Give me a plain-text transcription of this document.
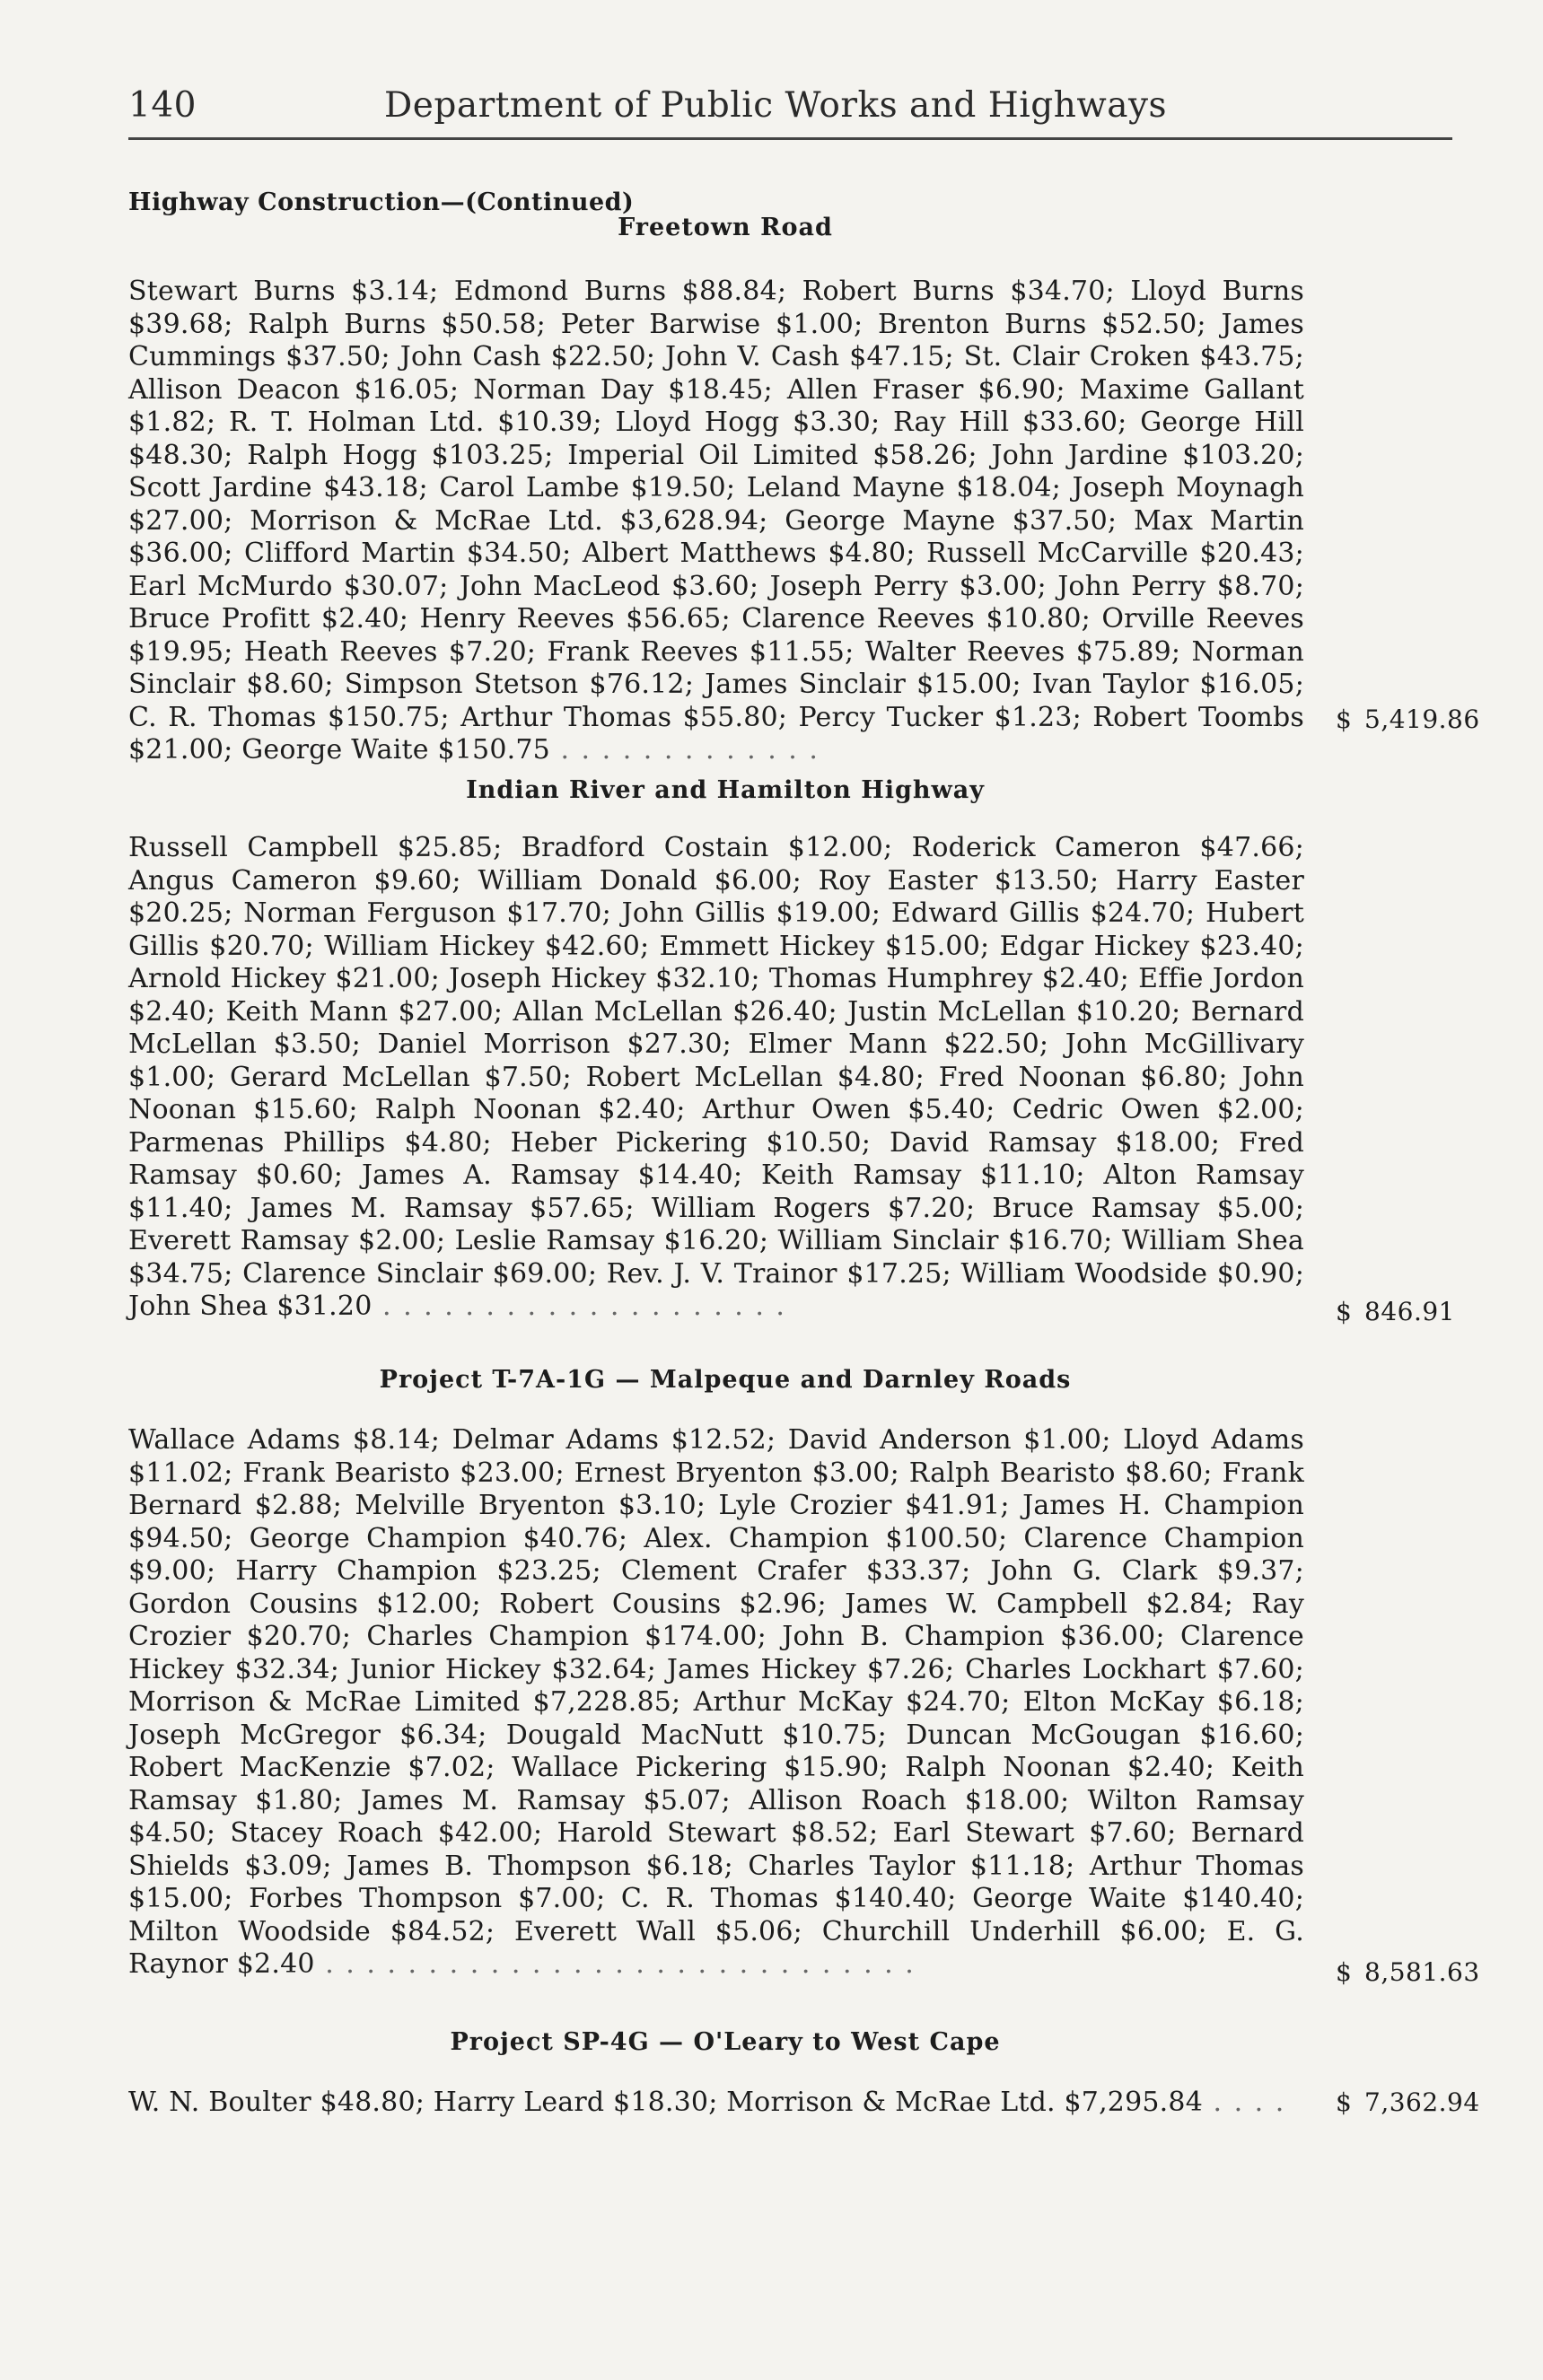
140	Department of Public Works and Highways
Highway Construction—(Continued)
Freetown Road
Stewart Burns $3.14; Edmond Burns $88.84; Robert Burns $34.70; Lloyd Burns $39.68; Ralph Burns $50.58; Peter Barwise $1.00; Brenton Burns $52.50; James Cummings $37.50; John Cash $22.50; John V. Cash $47.15; St. Clair Croken $43.75; Allison Deacon $16.05; Norman Day $18.45; Allen Fraser $6.90; Maxime Gallant $1.82; R. T. Holman Ltd. $10.39; Lloyd Hogg $3.30; Ray Hill $33.60; George Hill $48.30; Ralph Hogg $103.25; Imperial Oil Limited $58.26; John Jardine $103.20; Scott Jardine $43.18; Carol Lambe $19.50; Leland Mayne $18.04; Joseph Moynagh $27.00; Morrison & McRae Ltd. $3,628.94; George Mayne $37.50; Max Martin $36.00; Clifford Martin $34.50; Albert Matthews $4.80; Russell McCarville $20.43; Earl McMurdo $30.07; John MacLeod $3.60; Joseph Perry $3.00; John Perry $8.70; Bruce Profitt $2.40; Henry Reeves $56.65; Clarence Reeves $10.80; Orville Reeves $19.95; Heath Reeves $7.20; Frank Reeves $11.55; Walter Reeves $75.89; Norman Sinclair $8.60; Simpson Stetson $76.12; James Sinclair $15.00; Ivan Taylor $16.05; C. R. Thomas $150.75; Arthur Thomas $55.80; Percy Tucker $1.23; Robert Toombs $21.00; George Waite $150.75 . . . . . . . . . . . . .
$ 5,419.86
Indian River and Hamilton Highway
Russell Campbell $25.85; Bradford Costain $12.00; Roderick Cameron $47.66; Angus Cameron $9.60; William Donald $6.00; Roy Easter $13.50; Harry Easter $20.25; Norman Ferguson $17.70; John Gillis $19.00; Edward Gillis $24.70; Hubert Gillis $20.70; William Hickey $42.60; Emmett Hickey $15.00; Edgar Hickey $23.40; Arnold Hickey $21.00; Joseph Hickey $32.10; Thomas Humphrey $2.40; Effie Jordon $2.40; Keith Mann $27.00; Allan McLellan $26.40; Justin McLellan $10.20; Bernard McLellan $3.50; Daniel Morrison $27.30; Elmer Mann $22.50; John McGillivary $1.00; Gerard McLellan $7.50; Robert McLellan $4.80; Fred Noonan $6.80; John Noonan $15.60; Ralph Noonan $2.40; Arthur Owen $5.40; Cedric Owen $2.00; Parmenas Phillips $4.80; Heber Pickering $10.50; David Ramsay $18.00; Fred Ramsay $0.60; James A. Ramsay $14.40; Keith Ramsay $11.10; Alton Ramsay $11.40; James M. Ramsay $57.65; William Rogers $7.20; Bruce Ramsay $5.00; Everett Ramsay $2.00; Leslie Ramsay $16.20; William Sinclair $16.70; William Shea $34.75; Clarence Sinclair $69.00; Rev. J. V. Trainor $17.25; William Woodside $0.90; John Shea $31.20 . . . . . . . . . . . . . . . . . . . .	$ 846.91
Project T-7A-1G — Malpeque and Darnley Roads
Wallace Adams $8.14; Delmar Adams $12.52; David Anderson $1.00; Lloyd Adams $11.02; Frank Bearisto $23.00; Ernest Bryenton $3.00; Ralph Bearisto $8.60; Frank Bernard $2.88; Melville Bryenton $3.10; Lyle Crozier $41.91; James H. Champion $94.50; George Champion $40.76; Alex. Champion $100.50; Clarence Champion $9.00; Harry Champion $23.25; Clement Crafer $33.37; John G. Clark $9.37; Gordon Cousins $12.00; Robert Cousins $2.96; James W. Campbell $2.84; Ray Crozier $20.70; Charles Champion $174.00; John B. Champion $36.00; Clarence Hickey $32.34; Junior Hickey $32.64; James Hickey $7.26; Charles Lockhart $7.60; Morrison & McRae Limited $7,228.85; Arthur McKay $24.70; Elton McKay $6.18; Joseph McGregor $6.34; Dougald MacNutt $10.75; Duncan McGougan $16.60; Robert MacKenzie $7.02; Wallace Pickering $15.90; Ralph Noonan $2.40; Keith Ramsay $1.80; James M. Ramsay $5.07; Allison Roach $18.00; Wilton Ramsay $4.50; Stacey Roach $42.00; Harold Stewart $8.52; Earl Stewart $7.60; Bernard Shields $3.09; James B. Thompson $6.18; Charles Taylor $11.18; Arthur Thomas $15.00; Forbes Thompson $7.00; C. R. Thomas $140.40; George Waite $140.40; Milton Woodside $84.52; Everett Wall $5.06; Churchill Underhill $6.00; E. G. Raynor $2.40 . . . . . . . . . . . . . . . . . . . . . . . . . . . . .	$ 8,581.63
Project SP-4G — O'Leary to West Cape
W. N. Boulter $48.80; Harry Leard $18.30; Morrison & McRae Ltd. $7,295.84 . . . .	$ 7,362.94
